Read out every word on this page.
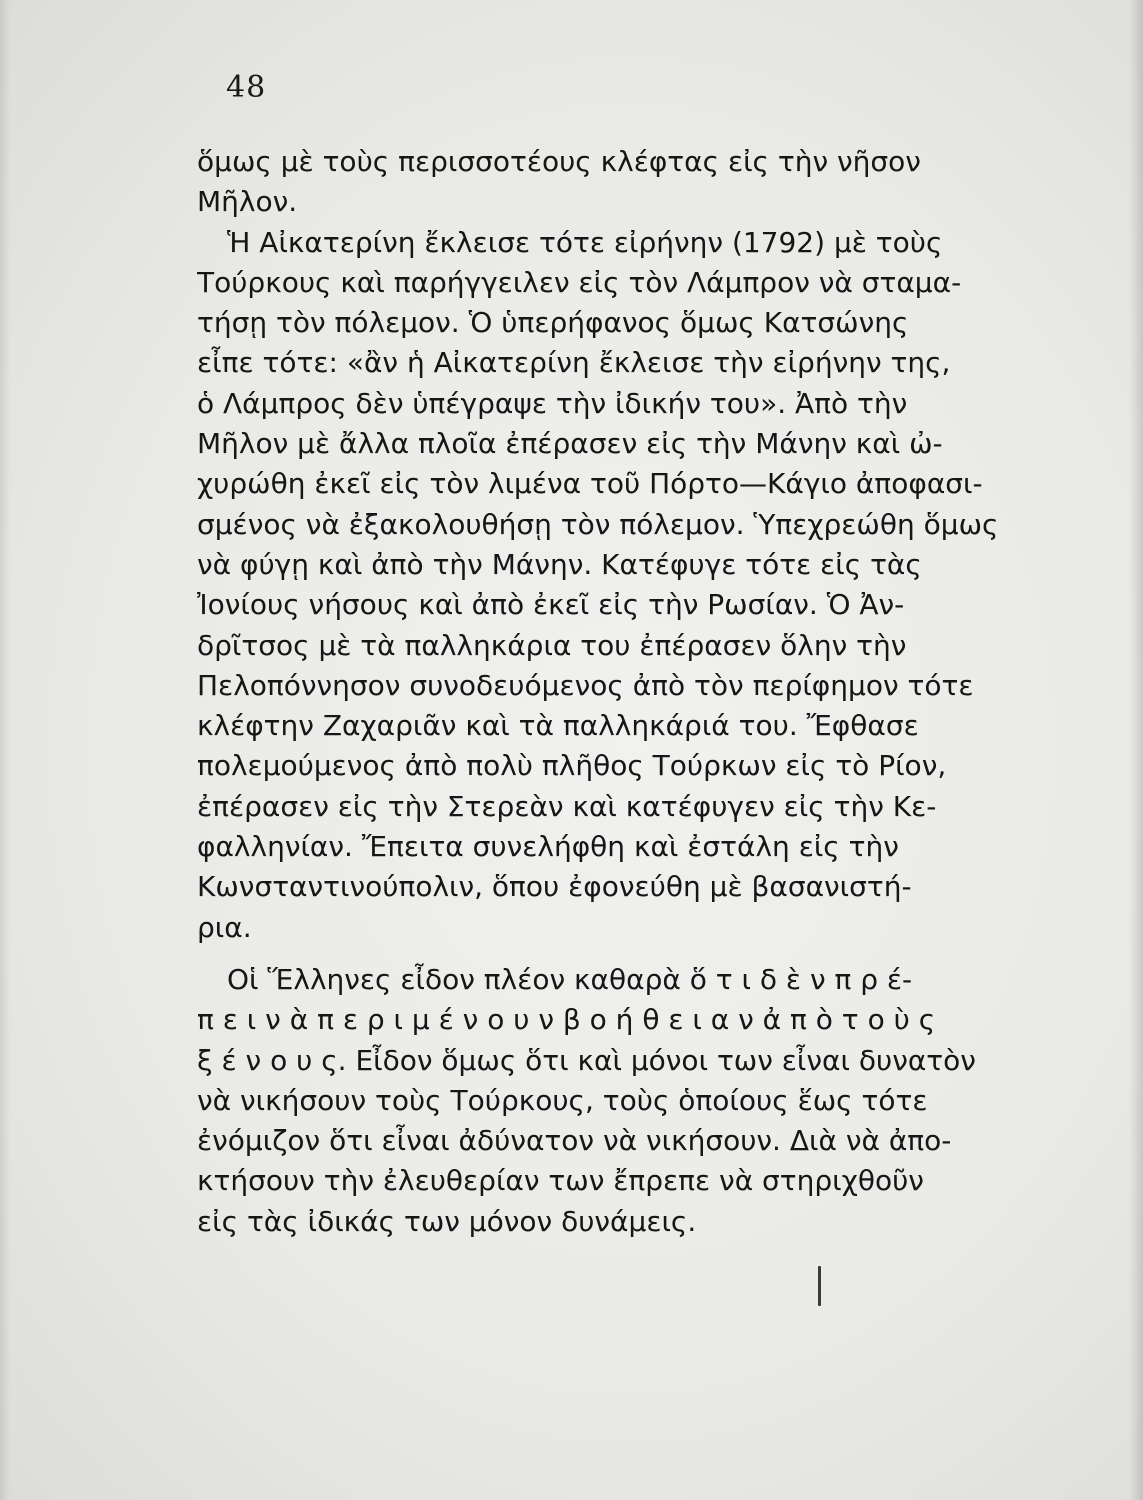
48
ὅμως μὲ τοὺς περισσοτέους κλέφτας εἰς τὴν νῆσον
Μῆλον.
Ἡ Αἰκατερίνη ἔκλεισε τότε εἰρήνην (1792) μὲ τοὺς
Τούρκους καὶ παρήγγειλεν εἰς τὸν Λάμπρον νὰ σταμα-
τήσῃ τὸν πόλεμον. Ὁ ὑπερήφανος ὅμως Κατσώνης
εἶπε τότε: «ἂν ἡ Αἰκατερίνη ἔκλεισε τὴν εἰρήνην της,
ὁ Λάμπρος δὲν ὑπέγραψε τὴν ἰδικήν του». Ἀπὸ τὴν
Μῆλον μὲ ἄλλα πλοῖα ἐπέρασεν εἰς τὴν Μάνην καὶ ὠ-
χυρώθη ἐκεῖ εἰς τὸν λιμένα τοῦ Πόρτο—Κάγιο ἀποφασι-
σμένος νὰ ἐξακολουθήσῃ τὸν πόλεμον. Ὑπεχρεώθη ὅμως
νὰ φύγῃ καὶ ἀπὸ τὴν Μάνην. Κατέφυγε τότε εἰς τὰς
Ἰονίους νήσους καὶ ἀπὸ ἐκεῖ εἰς τὴν Ρωσίαν. Ὁ Ἀν-
δρῖτσος μὲ τὰ παλληκάρια του ἐπέρασεν ὅλην τὴν
Πελοπόννησον συνοδευόμενος ἀπὸ τὸν περίφημον τότε
κλέφτην Ζαχαριᾶν καὶ τὰ παλληκάριά του. Ἔφθασε
πολεμούμενος ἀπὸ πολὺ πλῆθος Τούρκων εἰς τὸ Ρίον,
ἐπέρασεν εἰς τὴν Στερεὰν καὶ κατέφυγεν εἰς τὴν Κε-
φαλληνίαν. Ἔπειτα συνελήφθη καὶ ἐστάλη εἰς τὴν
Κωνσταντινούπολιν, ὅπου ἐφονεύθη μὲ βασανιστή-
ρια.
Οἱ Ἕλληνες εἶδον πλέον καθαρὰ ὅ τ ι δ ὲ ν π ρ έ-
π ε ι ν ὰ π ε ρ ι μ έ ν ο υ ν β ο ή θ ε ι α ν ἀ π ὸ τ ο ὺ ς
ξ έ ν ο υ ς. Εἶδον ὅμως ὅτι καὶ μόνοι των εἶναι δυνατὸν
νὰ νικήσουν τοὺς Τούρκους, τοὺς ὁποίους ἕως τότε
ἐνόμιζον ὅτι εἶναι ἀδύνατον νὰ νικήσουν. Διὰ νὰ ἀπο-
κτήσουν τὴν ἐλευθερίαν των ἔπρεπε νὰ στηριχθοῦν
εἰς τὰς ἰδικάς των μόνον δυνάμεις.
